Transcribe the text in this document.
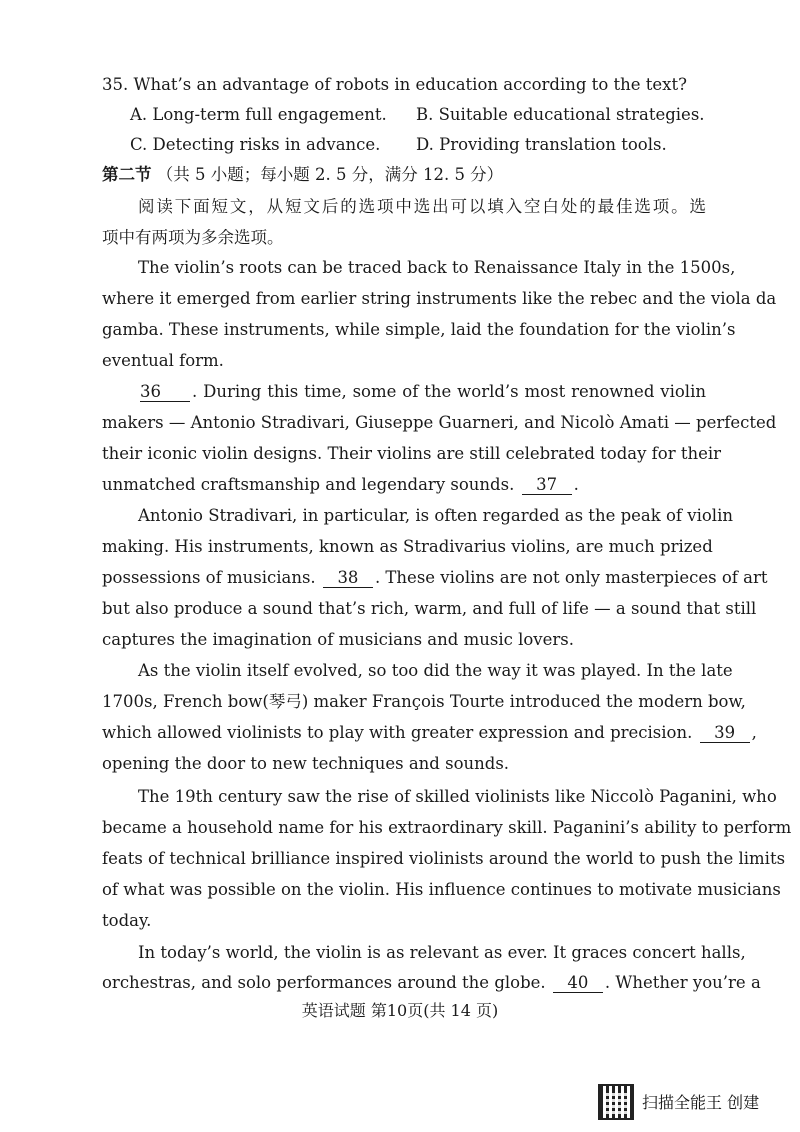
35. What’s an advantage of robots in education according to the text?
A. Long-term full engagement. B. Suitable educational strategies.
C. Detecting risks in advance. D. Providing translation tools.
第二节 （共 5 小题；每小题 2. 5 分，满分 12. 5 分）
阅读下面短文，从短文后的选项中选出可以填入空白处的最佳选项。选
项中有两项为多余选项。
The violin’s roots can be traced back to Renaissance Italy in the 1500s,
where it emerged from earlier string instruments like the rebec and the viola da
gamba. These instruments, while simple, laid the foundation for the violin’s
eventual form.
36 . During this time, some of the world’s most renowned violin
makers — Antonio Stradivari, Giuseppe Guarneri, and Nicolò Amati — perfected
their iconic violin designs. Their violins are still celebrated today for their
unmatched craftsmanship and legendary sounds. 37 .
Antonio Stradivari, in particular, is often regarded as the peak of violin
making. His instruments, known as Stradivarius violins, are much prized
possessions of musicians. 38 . These violins are not only masterpieces of art
but also produce a sound that’s rich, warm, and full of life — a sound that still
captures the imagination of musicians and music lovers.
As the violin itself evolved, so too did the way it was played. In the late
1700s, French bow(琴弓) maker François Tourte introduced the modern bow,
which allowed violinists to play with greater expression and precision. 39 ,
opening the door to new techniques and sounds.
The 19th century saw the rise of skilled violinists like Niccolò Paganini, who
became a household name for his extraordinary skill. Paganini’s ability to perform
feats of technical brilliance inspired violinists around the world to push the limits
of what was possible on the violin. His influence continues to motivate musicians
today.
In today’s world, the violin is as relevant as ever. It graces concert halls,
orchestras, and solo performances around the globe. 40 . Whether you’re a
英语试题 第10页(共 14 页)
扫描全能王 创建
